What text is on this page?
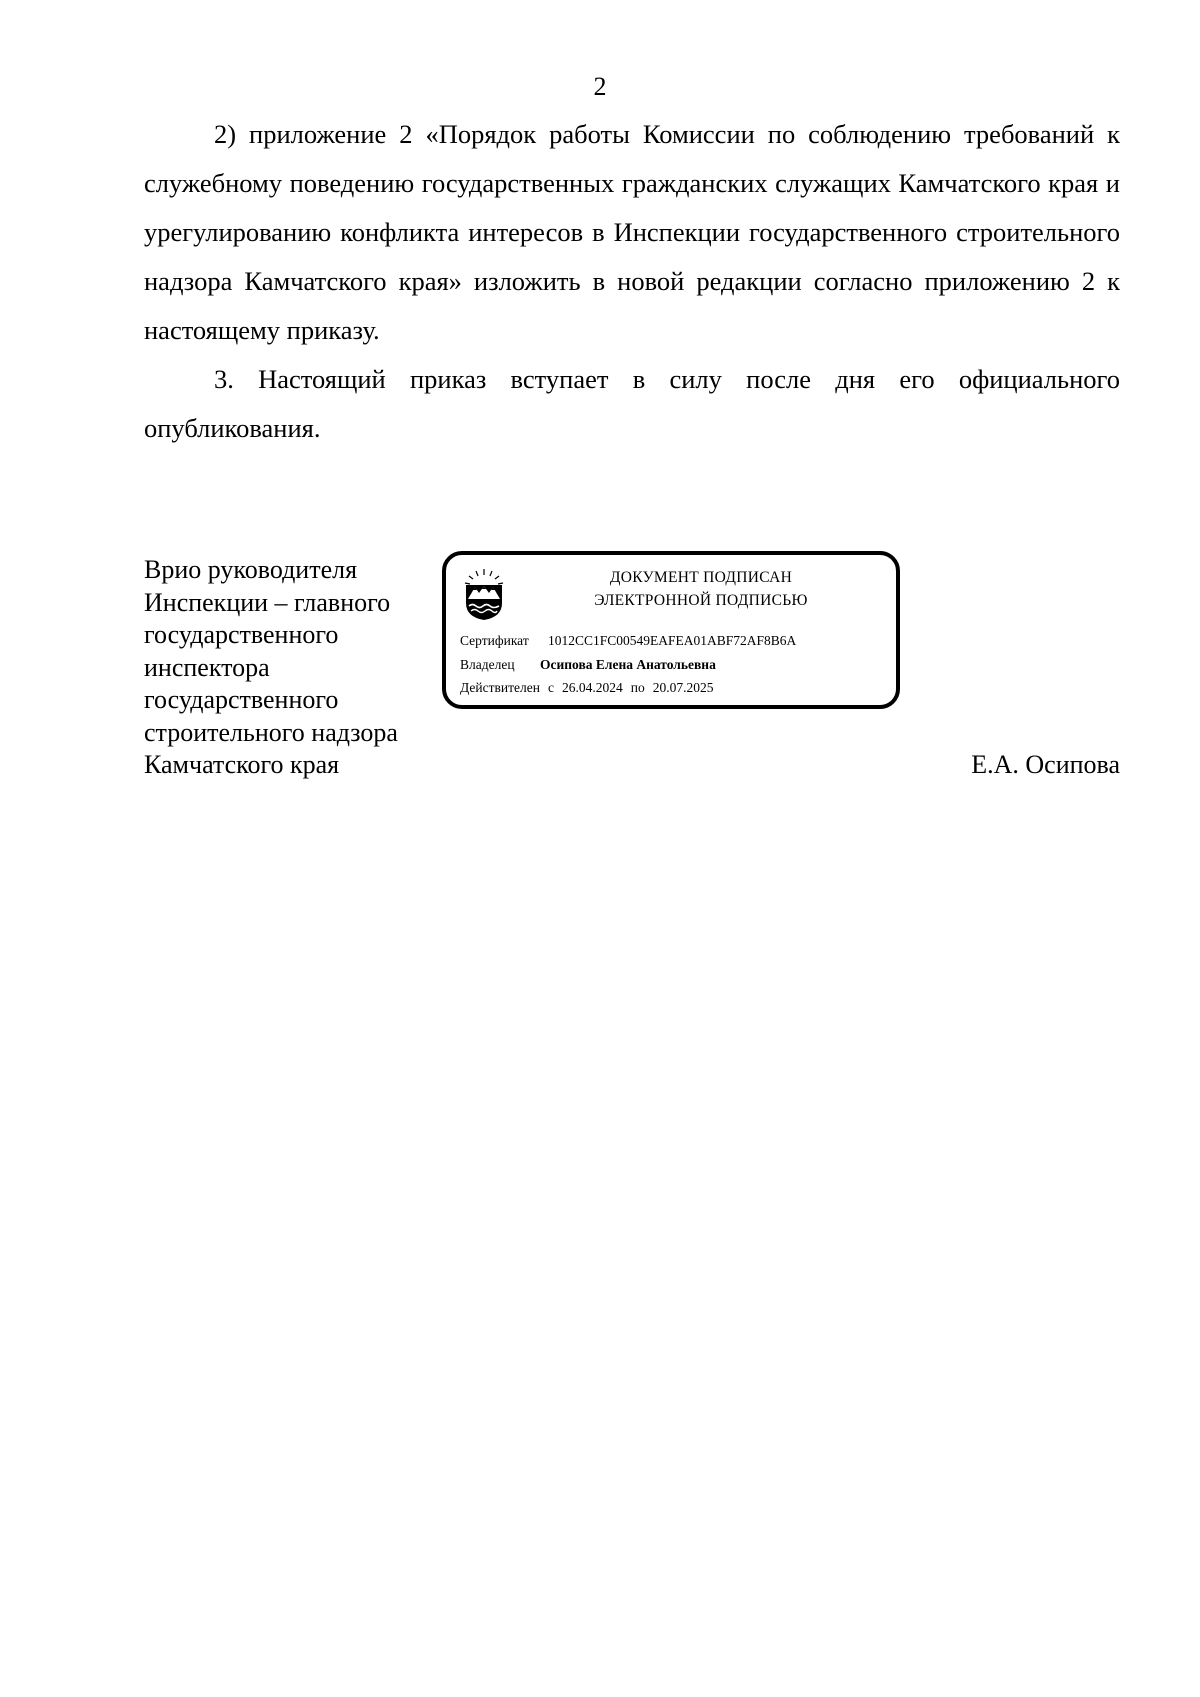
2

2) приложение 2 «Порядок работы Комиссии по соблюдению требований к служебному поведению государственных гражданских служащих Камчатского края и урегулированию конфликта интересов в Инспекции государственного строительного надзора Камчатского края» изложить в новой редакции согласно приложению 2 к настоящему приказу.

3. Настоящий приказ вступает в силу после дня его официального опубликования.

Врио руководителя
Инспекции – главного
государственного
инспектора
государственного
строительного надзора
Камчатского края
ДОКУМЕНТ ПОДПИСАН
ЭЛЕКТРОННОЙ ПОДПИСЬЮ
Сертификат 1012CC1FC00549EAFEA01ABF72AF8B6A
Владелец Осипова Елена Анатольевна
Действителен с 26.04.2024 по 20.07.2025
Е.А. Осипова
